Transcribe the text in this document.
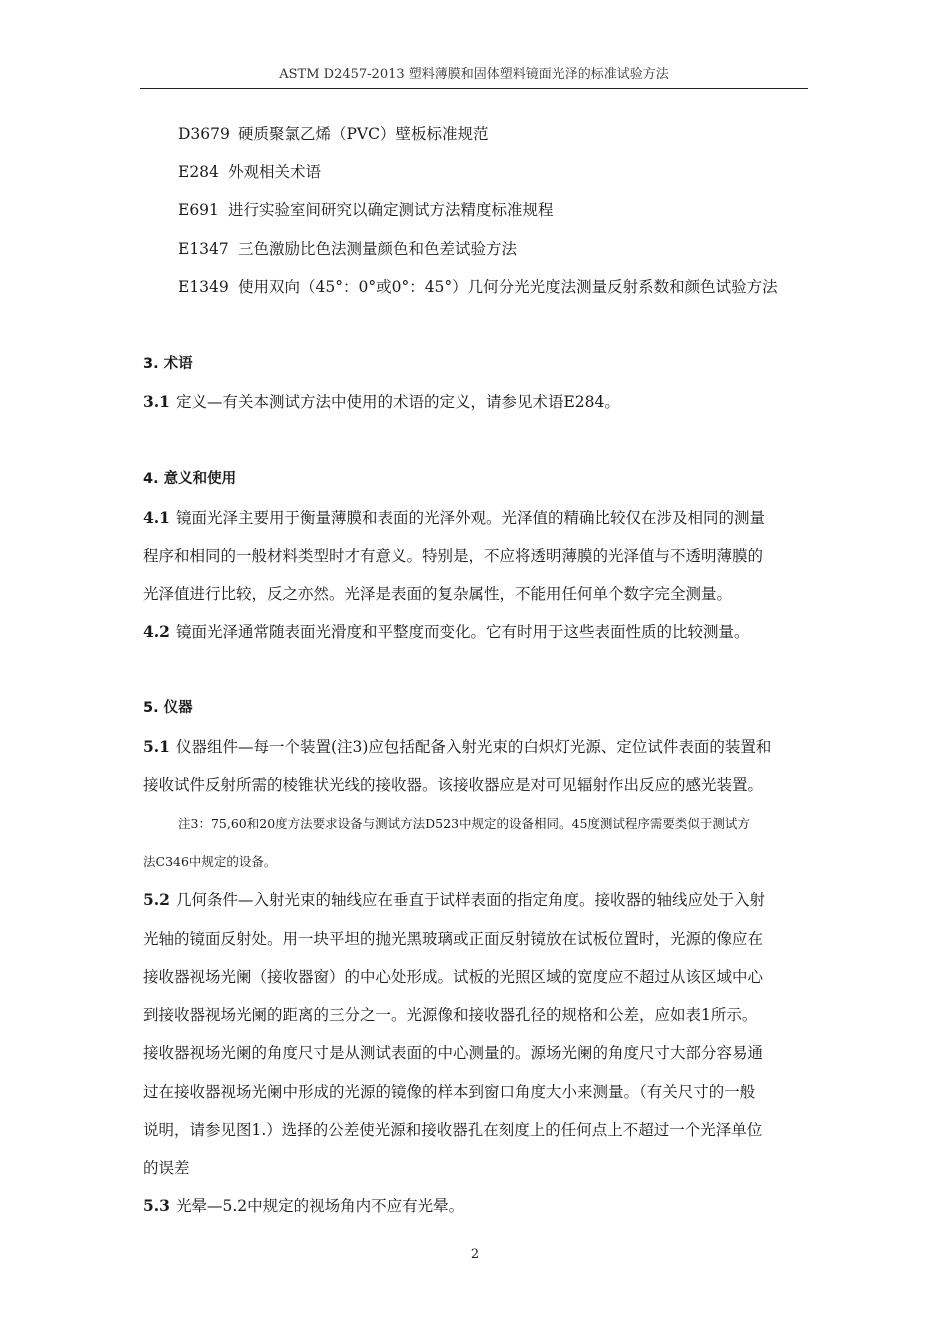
ASTM D2457-2013 塑料薄膜和固体塑料镜面光泽的标准试验方法
D3679 硬质聚氯乙烯（PVC）壁板标准规范
E284 外观相关术语
E691 进行实验室间研究以确定测试方法精度标准规程
E1347 三色激励比色法测量颜色和色差试验方法
E1349 使用双向（45°：0°或0°：45°）几何分光光度法测量反射系数和颜色试验方法
3. 术语
3.1 定义—有关本测试方法中使用的术语的定义，请参见术语E284。
4. 意义和使用
4.1 镜面光泽主要用于衡量薄膜和表面的光泽外观。光泽值的精确比较仅在涉及相同的测量
程序和相同的一般材料类型时才有意义。特别是，不应将透明薄膜的光泽值与不透明薄膜的
光泽值进行比较，反之亦然。光泽是表面的复杂属性，不能用任何单个数字完全测量。
4.2 镜面光泽通常随表面光滑度和平整度而变化。它有时用于这些表面性质的比较测量。
5. 仪器
5.1 仪器组件—每一个装置(注3)应包括配备入射光束的白炽灯光源、定位试件表面的装置和
接收试件反射所需的棱锥状光线的接收器。该接收器应是对可见辐射作出反应的感光装置。
注3：75,60和20度方法要求设备与测试方法D523中规定的设备相同。45度测试程序需要类似于测试方
法C346中规定的设备。
5.2 几何条件—入射光束的轴线应在垂直于试样表面的指定角度。接收器的轴线应处于入射
光轴的镜面反射处。用一块平坦的抛光黑玻璃或正面反射镜放在试板位置时，光源的像应在
接收器视场光阑（接收器窗）的中心处形成。试板的光照区域的宽度应不超过从该区域中心
到接收器视场光阑的距离的三分之一。光源像和接收器孔径的规格和公差，应如表1所示。
接收器视场光阑的角度尺寸是从测试表面的中心测量的。源场光阑的角度尺寸大部分容易通
过在接收器视场光阑中形成的光源的镜像的样本到窗口角度大小来测量。（有关尺寸的一般
说明，请参见图1.）选择的公差使光源和接收器孔在刻度上的任何点上不超过一个光泽单位
的误差
5.3 光晕—5.2中规定的视场角内不应有光晕。
2
